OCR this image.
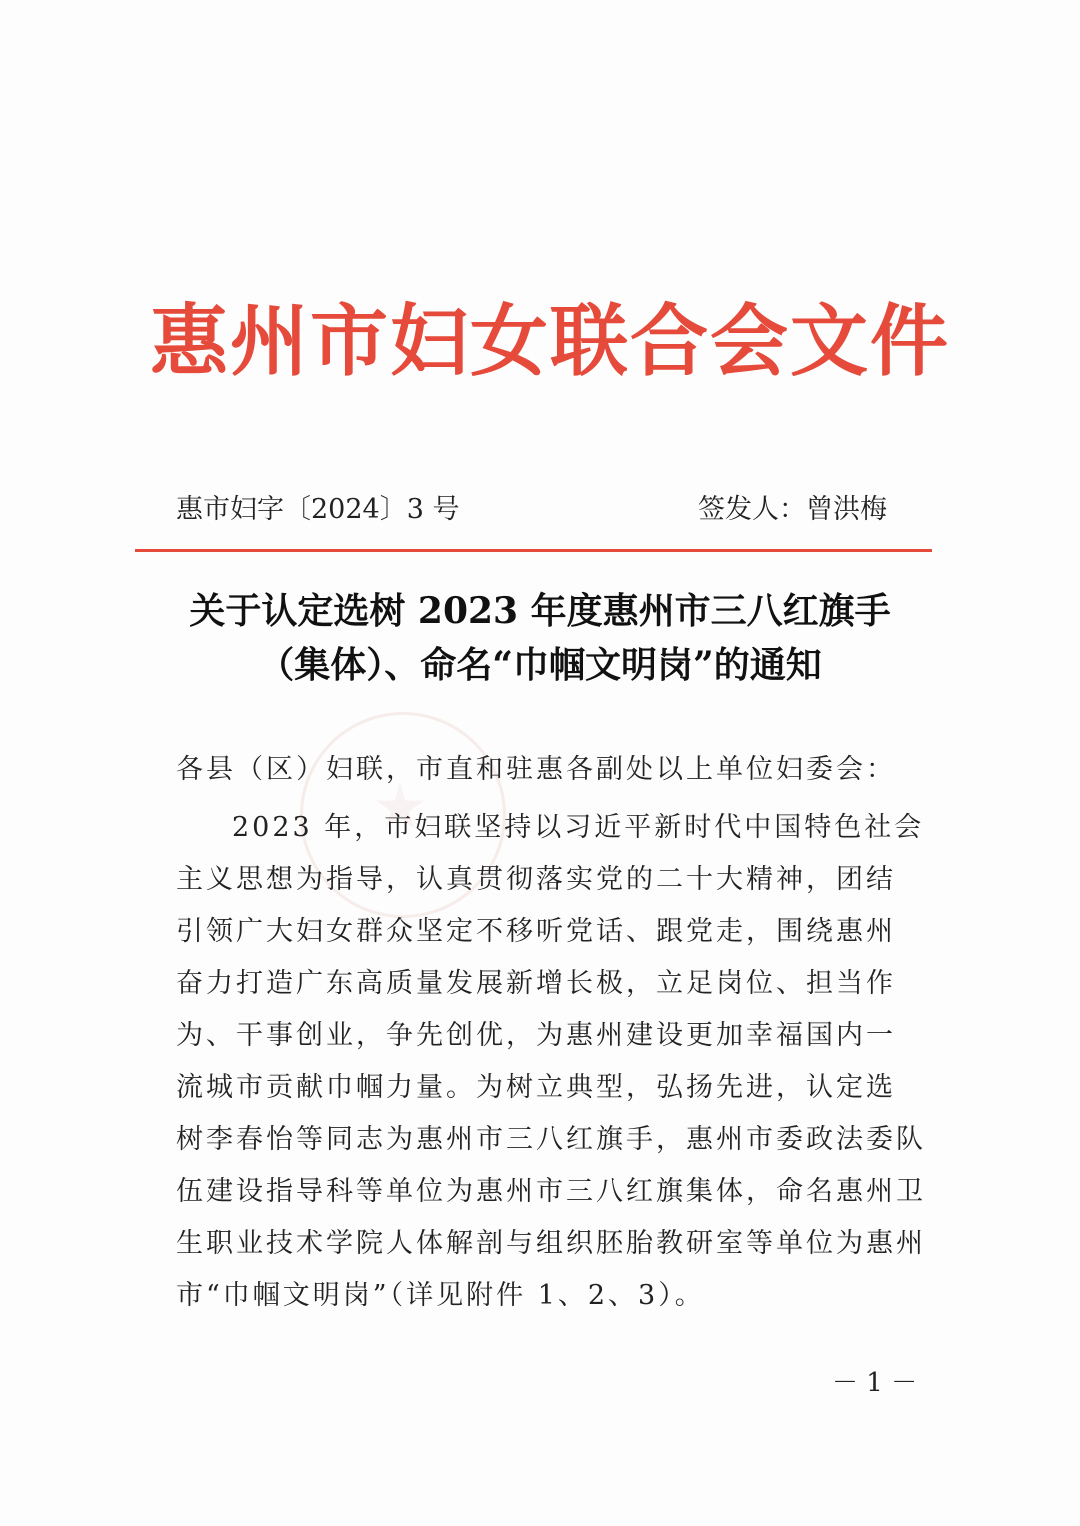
惠州市妇女联合会文件
惠市妇字〔2024〕3 号	签发人：曾洪梅
关于认定选树 2023 年度惠州市三八红旗手
（集体）、命名“巾帼文明岗”的通知
各县（区）妇联，市直和驻惠各副处以上单位妇委会：
2023 年，市妇联坚持以习近平新时代中国特色社会
主义思想为指导，认真贯彻落实党的二十大精神，团结
引领广大妇女群众坚定不移听党话、跟党走，围绕惠州
奋力打造广东高质量发展新增长极，立足岗位、担当作
为、干事创业，争先创优，为惠州建设更加幸福国内一
流城市贡献巾帼力量。为树立典型，弘扬先进，认定选
树李春怡等同志为惠州市三八红旗手，惠州市委政法委队
伍建设指导科等单位为惠州市三八红旗集体，命名惠州卫
生职业技术学院人体解剖与组织胚胎教研室等单位为惠州
市“巾帼文明岗”（详见附件 1、2、3）。
－ 1 －
